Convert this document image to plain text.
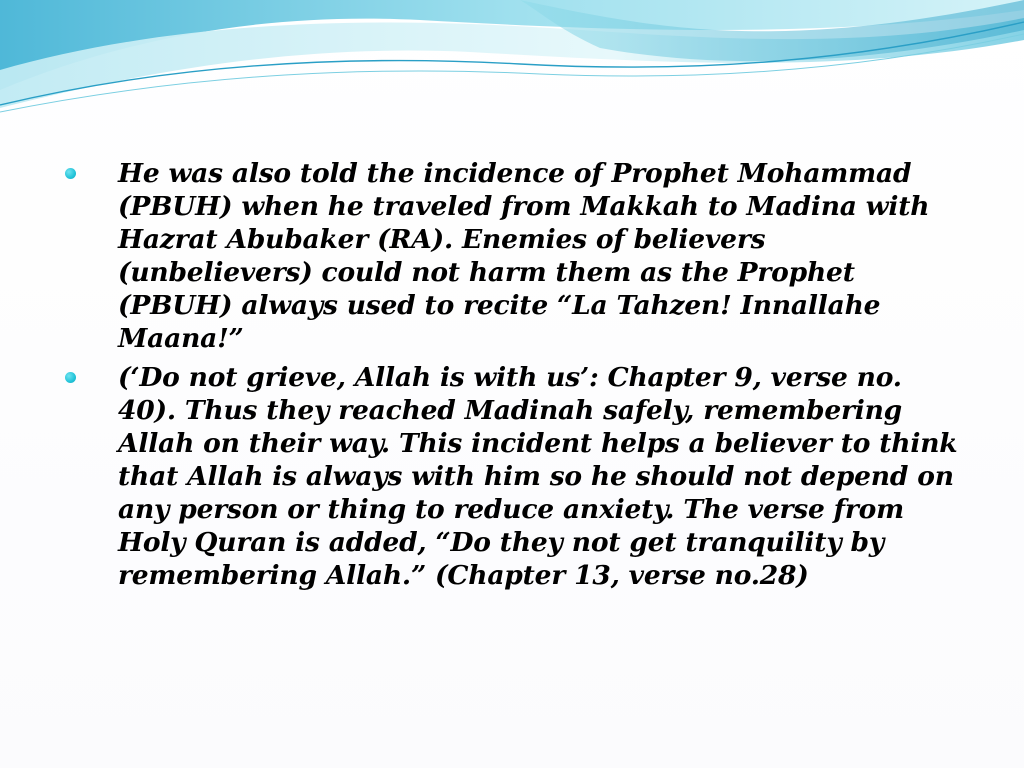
He was also told the incidence of Prophet Mohammad (PBUH) when he traveled from Makkah to Madina with Hazrat Abubaker (RA). Enemies of believers (unbelievers) could not harm them as the Prophet (PBUH) always used to recite “La Tahzen! Innallahe Maana!”
(‘Do not grieve, Allah is with us’: Chapter 9, verse no. 40). Thus they reached Madinah safely, remembering Allah on their way. This incident helps a believer to think that Allah is always with him so he should not depend on any person or thing to reduce anxiety. The verse from Holy Quran is added, “Do they not get tranquility by remembering Allah.” (Chapter 13, verse no.28)
